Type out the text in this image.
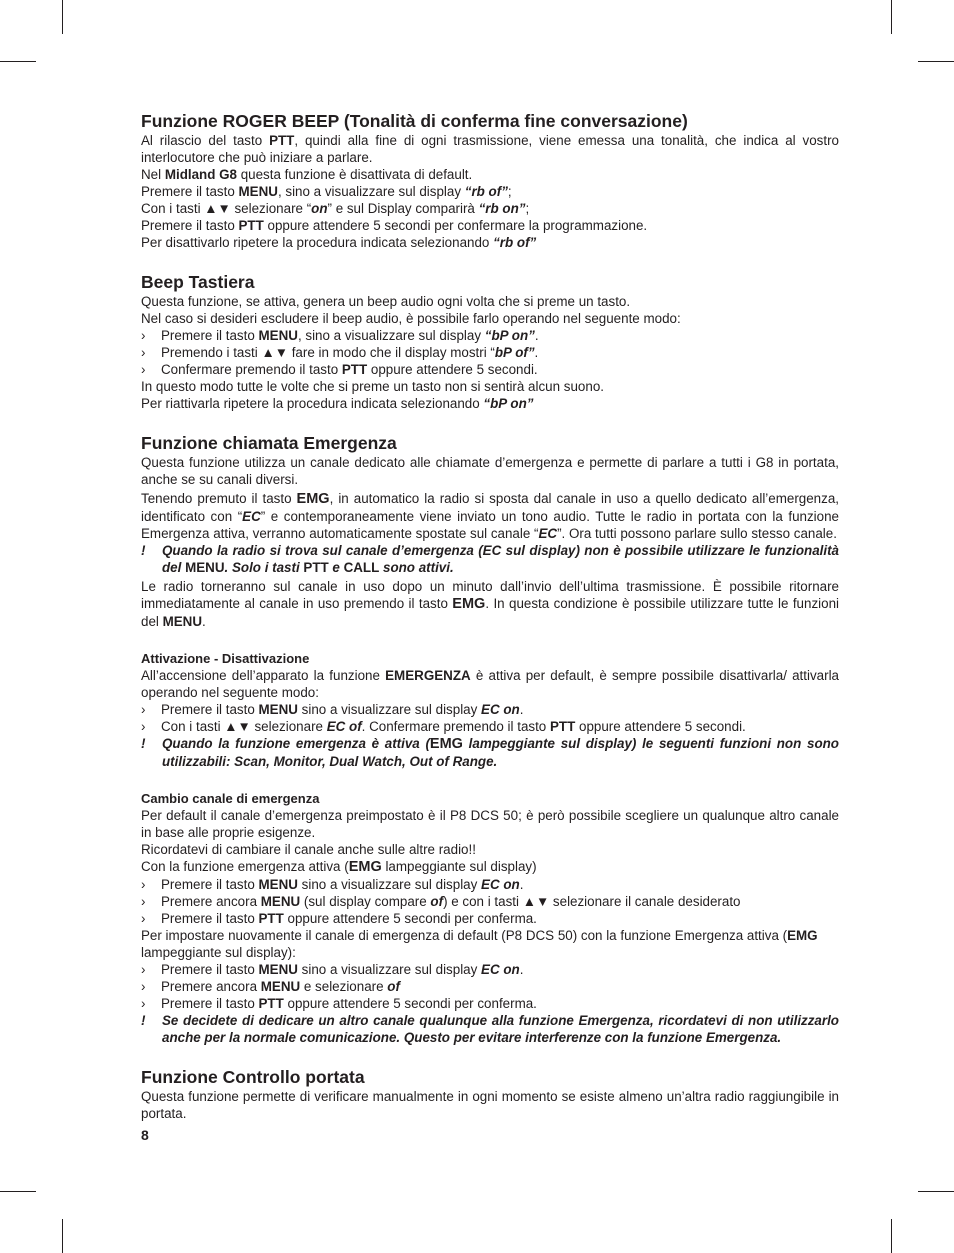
Funzione ROGER BEEP (Tonalità di conferma fine conversazione)

Al rilascio del tasto PTT, quindi alla fine di ogni trasmissione, viene emessa una tonalità, che indica al vostro interlocutore che può iniziare a parlare.

Nel Midland G8 questa funzione è disattivata di default.

Premere il tasto MENU, sino a visualizzare sul display “rb of”;

Con i tasti ▲▼ selezionare “on” e sul Display comparirà “rb on”;

Premere il tasto PTT oppure attendere 5 secondi per confermare la programmazione.

Per disattivarlo ripetere la procedura indicata selezionando “rb of”

Beep Tastiera

Questa funzione, se attiva, genera un beep audio ogni volta che si preme un tasto.

Nel caso si desideri escludere il beep audio, è possibile farlo operando nel seguente modo:

› Premere il tasto MENU, sino a visualizzare sul display “bP on”.
› Premendo i tasti ▲▼ fare in modo che il display mostri “bP of”.
› Confermare premendo il tasto PTT oppure attendere 5 secondi.

In questo modo tutte le volte che si preme un tasto non si sentirà alcun suono.

Per riattivarla ripetere la procedura indicata selezionando “bP on”

Funzione chiamata Emergenza

Questa funzione utilizza un canale dedicato alle chiamate d’emergenza e permette di parlare a tutti i G8 in portata, anche se su canali diversi.

Tenendo premuto il tasto EMG, in automatico la radio si sposta dal canale in uso a quello dedicato all’emergenza, identificato con “EC” e contemporaneamente viene inviato un tono audio. Tutte le radio in portata con la funzione Emergenza attiva, verranno automaticamente spostate sul canale “EC”. Ora tutti possono parlare sullo stesso canale.

! Quando la radio si trova sul canale d’emergenza (EC sul display) non è possibile utilizzare le funzionalità del MENU. Solo i tasti PTT e CALL sono attivi.

Le radio torneranno sul canale in uso dopo un minuto dall’invio dell’ultima trasmissione. È possibile ritornare immediatamente al canale in uso premendo il tasto EMG. In questa condizione è possibile utilizzare tutte le funzioni del MENU.

Attivazione - Disattivazione

All’accensione dell’apparato la funzione EMERGENZA è attiva per default, è sempre possibile disattivarla/ attivarla operando nel seguente modo:

› Premere il tasto MENU sino a visualizzare sul display EC on.
› Con i tasti ▲▼ selezionare EC of. Confermare premendo il tasto PTT oppure attendere 5 secondi.
! Quando la funzione emergenza è attiva (EMG lampeggiante sul display) le seguenti funzioni non sono utilizzabili: Scan, Monitor, Dual Watch, Out of Range.
Cambio canale di emergenza

Per default il canale d’emergenza preimpostato è il P8 DCS 50; è però possibile scegliere un qualunque altro canale in base alle proprie esigenze.

Ricordatevi di cambiare il canale anche sulle altre radio!!

Con la funzione emergenza attiva (EMG lampeggiante sul display)

› Premere il tasto MENU sino a visualizzare sul display EC on.
› Premere ancora MENU (sul display compare of) e con i tasti ▲▼ selezionare il canale desiderato
› Premere il tasto PTT oppure attendere 5 secondi per conferma.

Per impostare nuovamente il canale di emergenza di default (P8 DCS 50) con la funzione Emergenza attiva (EMG lampeggiante sul display):

› Premere il tasto MENU sino a visualizzare sul display EC on.
› Premere ancora MENU e selezionare of
› Premere il tasto PTT oppure attendere 5 secondi per conferma.
! Se decidete di dedicare un altro canale qualunque alla funzione Emergenza, ricordatevi di non utilizzarlo anche per la normale comunicazione. Questo per evitare interferenze con la funzione Emergenza.
Funzione Controllo portata

Questa funzione permette di verificare manualmente in ogni momento se esiste almeno un’altra radio raggiungibile in portata.

8
